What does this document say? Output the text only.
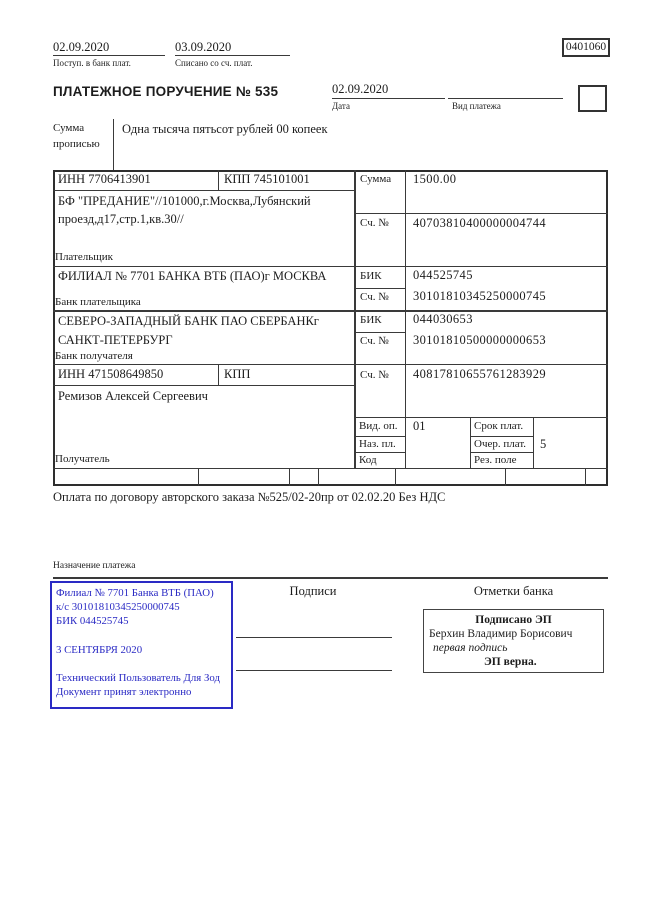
02.09.2020
Поступ. в банк плат.
03.09.2020
Списано со сч. плат.
0401060
ПЛАТЕЖНОЕ ПОРУЧЕНИЕ № 535	02.09.2020
Дата	Вид платежа
Сумма прописью
Одна тысяча пятьсот рублей 00 копеек
ИНН 7706413901	КПП 745101001	Сумма 1500.00
БФ "ПРЕДАНИЕ"//101000,г.Москва,Лубянский проезд,д17,стр.1,кв.30//	Сч. № 40703810400000004744
Плательщик
ФИЛИАЛ № 7701 БАНКА ВТБ (ПАО)г МОСКВА	БИК	044525745
Сч. № 30101810345250000745
Банк плательщика
СЕВЕРО-ЗАПАДНЫЙ БАНК ПАО СБЕРБАНКг САНКТ-ПЕТЕРБУРГ
БИК	044030653
Сч. № 30101810500000000653
Банк получателя
ИНН 471508649850	КПП	Сч. № 40817810655761283929
Ремизов Алексей Сергеевич
Вид. оп. 01	Срок плат.
Наз. пл.	Очер. плат. 5
Код	Рез. поле
Получатель
Оплата по договору авторского заказа №525/02-20пр от 02.02.20 Без НДС
Назначение платежа
Подписи	Отметки банка
Филиал № 7701 Банка ВТБ (ПАО)
к/с 30101810345250000745
БИК 044525745
3 СЕНТЯБРЯ 2020
Технический Пользователь Для Зод
Документ принят электронно
Подписано ЭП
Берхин Владимир Борисович
первая подпись
ЭП верна.
